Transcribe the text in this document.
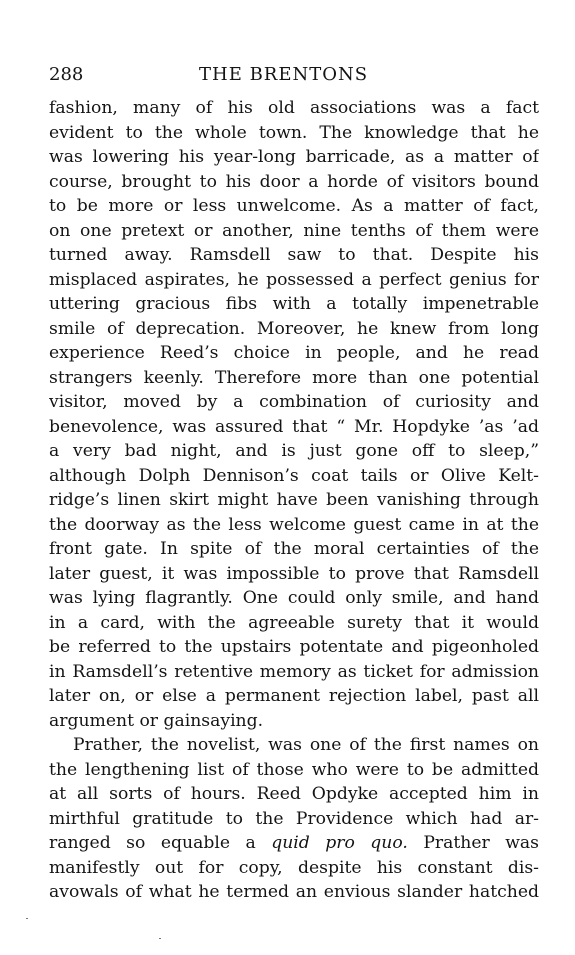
288	THE BRENTONS
fashion, many of his old associations was a fact
evident to the whole town. The knowledge that he
was lowering his year-long barricade, as a matter of
course, brought to his door a horde of visitors bound
to be more or less unwelcome. As a matter of fact,
on one pretext or another, nine tenths of them were
turned away. Ramsdell saw to that. Despite his
misplaced aspirates, he possessed a perfect genius for
uttering gracious fibs with a totally impenetrable
smile of deprecation. Moreover, he knew from long
experience Reed’s choice in people, and he read
strangers keenly. Therefore more than one potential
visitor, moved by a combination of curiosity and
benevolence, was assured that “ Mr. Hopdyke ’as ’ad
a very bad night, and is just gone off to sleep,”
although Dolph Dennison’s coat tails or Olive Kelt-
ridge’s linen skirt might have been vanishing through
the doorway as the less welcome guest came in at the
front gate. In spite of the moral certainties of the
later guest, it was impossible to prove that Ramsdell
was lying flagrantly. One could only smile, and hand
in a card, with the agreeable surety that it would
be referred to the upstairs potentate and pigeonholed
in Ramsdell’s retentive memory as ticket for admission
later on, or else a permanent rejection label, past all
argument or gainsaying.
Prather, the novelist, was one of the first names on
the lengthening list of those who were to be admitted
at all sorts of hours. Reed Opdyke accepted him in
mirthful gratitude to the Providence which had ar-
ranged so equable a quid pro quo. Prather was
manifestly out for copy, despite his constant dis-
avowals of what he termed an envious slander hatched
